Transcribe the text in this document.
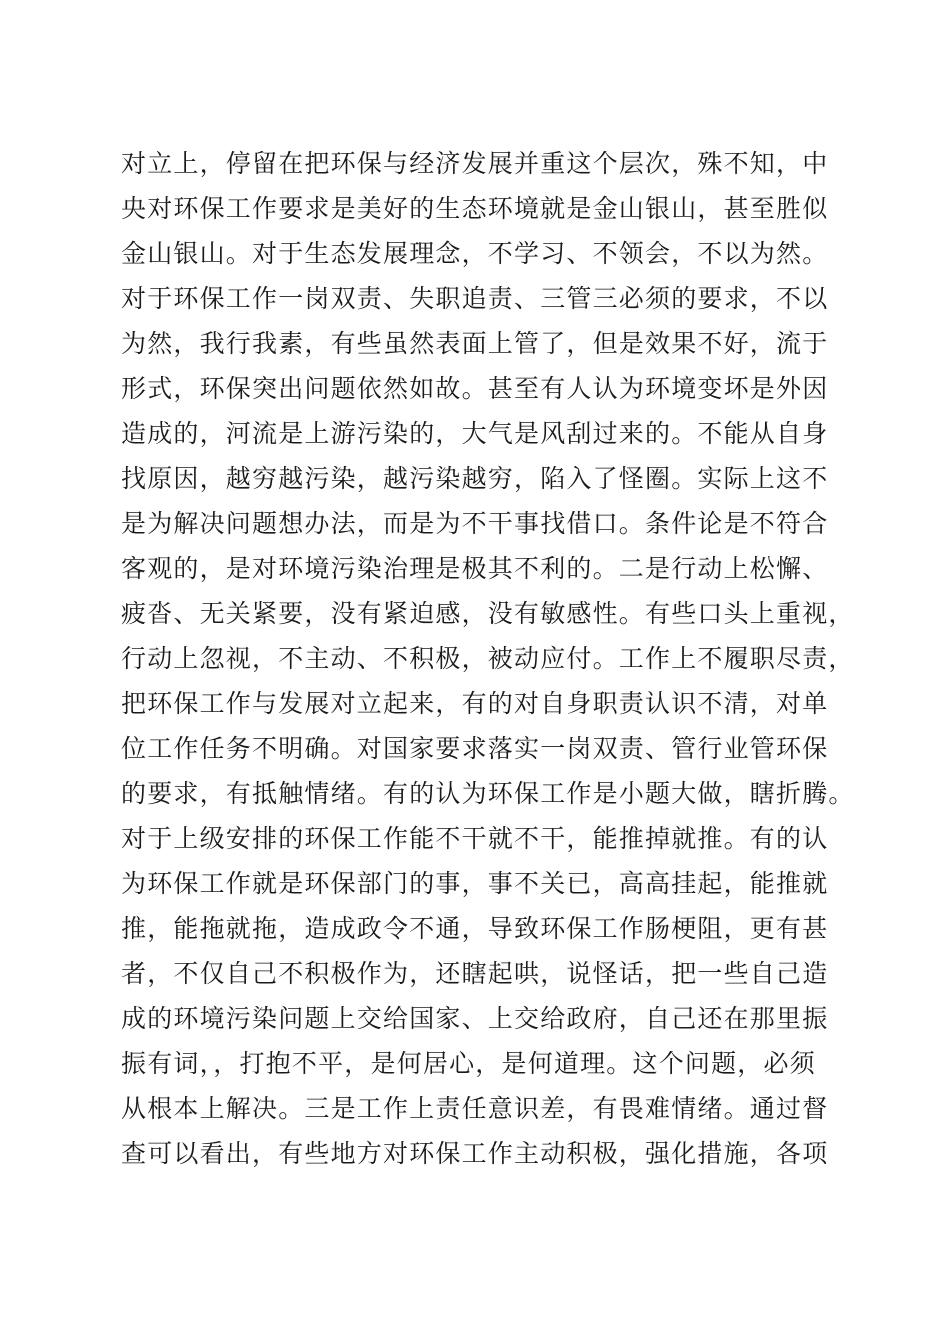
对立上，停留在把环保与经济发展并重这个层次，殊不知，中
央对环保工作要求是美好的生态环境就是金山银山，甚至胜似
金山银山。对于生态发展理念，不学习、不领会，不以为然。
对于环保工作一岗双责、失职追责、三管三必须的要求，不以
为然，我行我素，有些虽然表面上管了，但是效果不好，流于
形式，环保突出问题依然如故。甚至有人认为环境变坏是外因
造成的，河流是上游污染的，大气是风刮过来的。不能从自身
找原因，越穷越污染，越污染越穷，陷入了怪圈。实际上这不
是为解决问题想办法，而是为不干事找借口。条件论是不符合
客观的，是对环境污染治理是极其不利的。二是行动上松懈、
疲沓、无关紧要，没有紧迫感，没有敏感性。有些口头上重视，
行动上忽视，不主动、不积极，被动应付。工作上不履职尽责，
把环保工作与发展对立起来，有的对自身职责认识不清，对单
位工作任务不明确。对国家要求落实一岗双责、管行业管环保
的要求，有抵触情绪。有的认为环保工作是小题大做，瞎折腾。
对于上级安排的环保工作能不干就不干，能推掉就推。有的认
为环保工作就是环保部门的事，事不关已，高高挂起，能推就
推，能拖就拖，造成政令不通，导致环保工作肠梗阻，更有甚
者，不仅自己不积极作为，还瞎起哄，说怪话，把一些自己造
成的环境污染问题上交给国家、上交给政府，自己还在那里振
振有词，，打抱不平，是何居心，是何道理。这个问题，必须
从根本上解决。三是工作上责任意识差，有畏难情绪。通过督
查可以看出，有些地方对环保工作主动积极，强化措施，各项
